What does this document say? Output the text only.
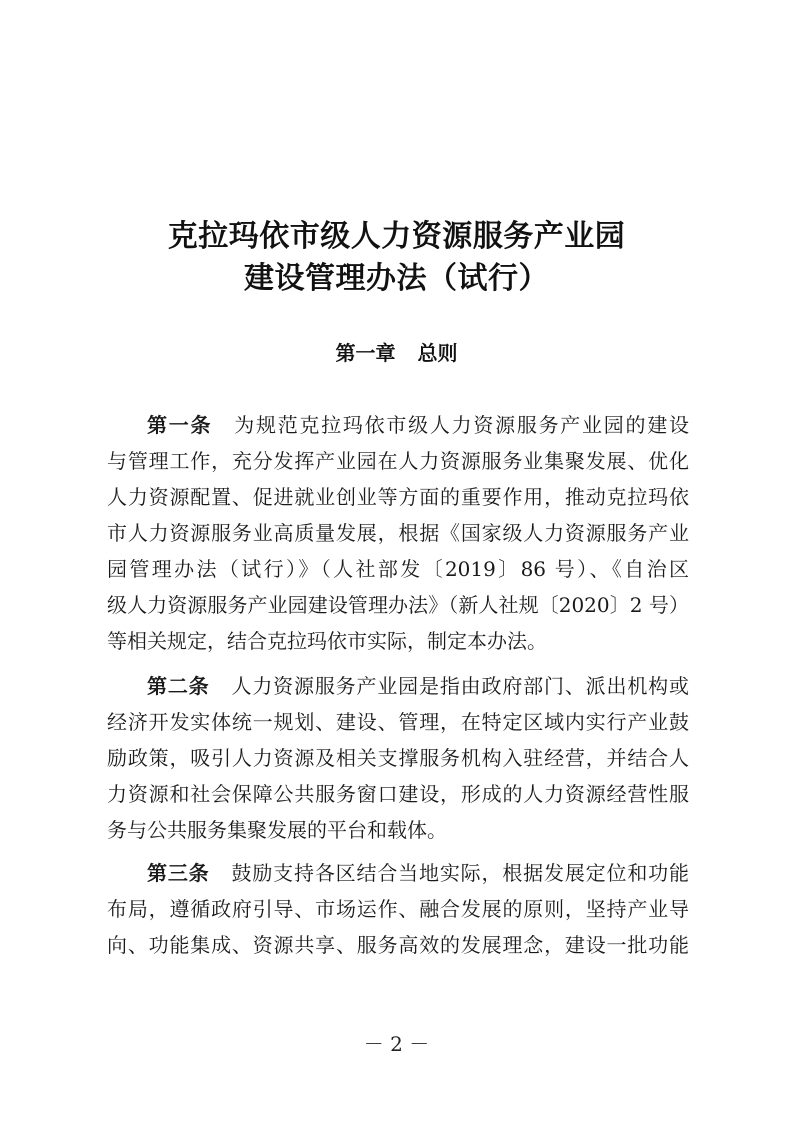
克拉玛依市级人力资源服务产业园
建设管理办法（试行）
第一章 总则
第一条 为规范克拉玛依市级人力资源服务产业园的建设
与管理工作，充分发挥产业园在人力资源服务业集聚发展、优化
人力资源配置、促进就业创业等方面的重要作用，推动克拉玛依
市人力资源服务业高质量发展，根据《国家级人力资源服务产业
园管理办法（试行）》（人社部发〔2019〕86 号）、《自治区
级人力资源服务产业园建设管理办法》（新人社规〔2020〕2 号）
等相关规定，结合克拉玛依市实际，制定本办法。
第二条 人力资源服务产业园是指由政府部门、派出机构或
经济开发实体统一规划、建设、管理，在特定区域内实行产业鼓
励政策，吸引人力资源及相关支撑服务机构入驻经营，并结合人
力资源和社会保障公共服务窗口建设，形成的人力资源经营性服
务与公共服务集聚发展的平台和载体。
第三条 鼓励支持各区结合当地实际，根据发展定位和功能
布局，遵循政府引导、市场运作、融合发展的原则，坚持产业导
向、功能集成、资源共享、服务高效的发展理念，建设一批功能
－ 2 －
